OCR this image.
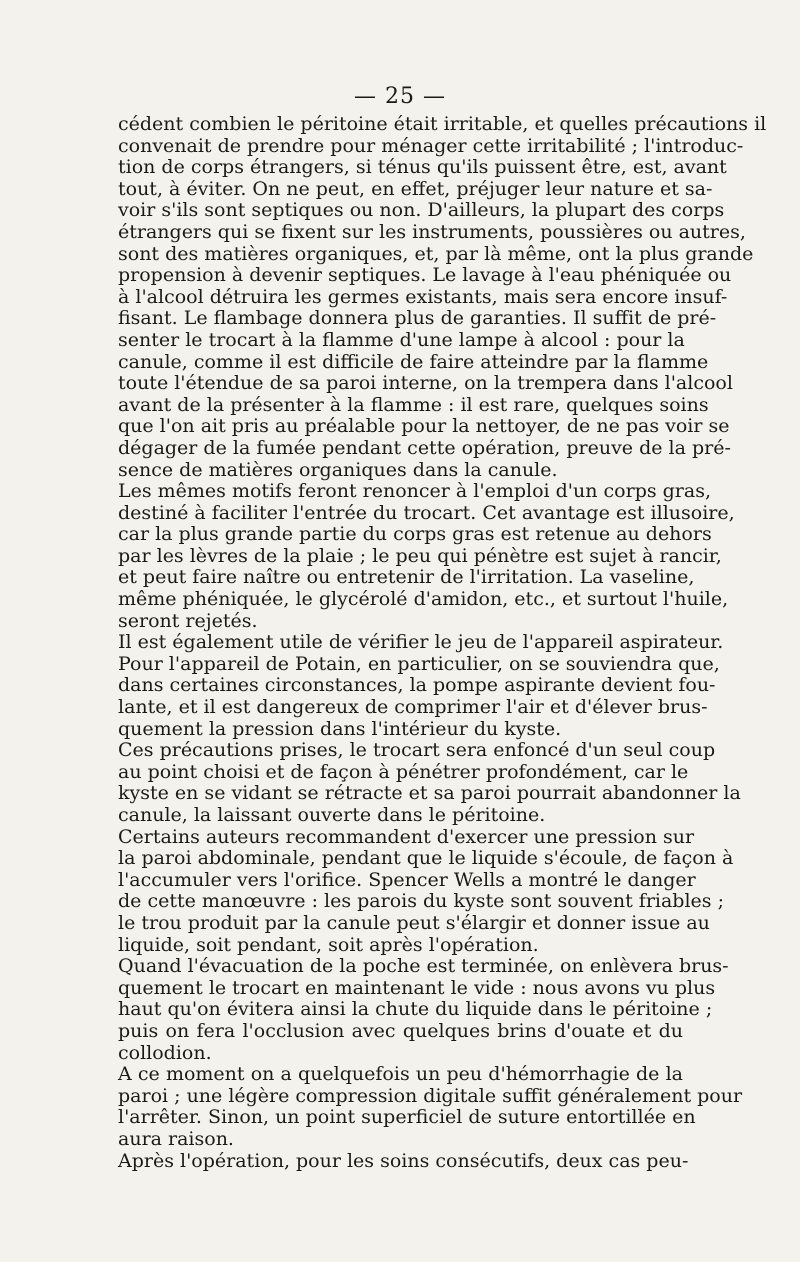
— 25 —
cédent combien le péritoine était irritable, et quelles précautions il
convenait de prendre pour ménager cette irritabilité ; l'introduc-
tion de corps étrangers, si ténus qu'ils puissent être, est, avant
tout, à éviter. On ne peut, en effet, préjuger leur nature et sa-
voir s'ils sont septiques ou non. D'ailleurs, la plupart des corps
étrangers qui se fixent sur les instruments, poussières ou autres,
sont des matières organiques, et, par là même, ont la plus grande
propension à devenir septiques. Le lavage à l'eau phéniquée ou
à l'alcool détruira les germes existants, mais sera encore insuf-
fisant. Le flambage donnera plus de garanties. Il suffit de pré-
senter le trocart à la flamme d'une lampe à alcool : pour la
canule, comme il est difficile de faire atteindre par la flamme
toute l'étendue de sa paroi interne, on la trempera dans l'alcool
avant de la présenter à la flamme : il est rare, quelques soins
que l'on ait pris au préalable pour la nettoyer, de ne pas voir se
dégager de la fumée pendant cette opération, preuve de la pré-
sence de matières organiques dans la canule.
Les mêmes motifs feront renoncer à l'emploi d'un corps gras,
destiné à faciliter l'entrée du trocart. Cet avantage est illusoire,
car la plus grande partie du corps gras est retenue au dehors
par les lèvres de la plaie ; le peu qui pénètre est sujet à rancir,
et peut faire naître ou entretenir de l'irritation. La vaseline,
même phéniquée, le glycérolé d'amidon, etc., et surtout l'huile,
seront rejetés.
Il est également utile de vérifier le jeu de l'appareil aspirateur.
Pour l'appareil de Potain, en particulier, on se souviendra que,
dans certaines circonstances, la pompe aspirante devient fou-
lante, et il est dangereux de comprimer l'air et d'élever brus-
quement la pression dans l'intérieur du kyste.
Ces précautions prises, le trocart sera enfoncé d'un seul coup
au point choisi et de façon à pénétrer profondément, car le
kyste en se vidant se rétracte et sa paroi pourrait abandonner la
canule, la laissant ouverte dans le péritoine.
Certains auteurs recommandent d'exercer une pression sur
la paroi abdominale, pendant que le liquide s'écoule, de façon à
l'accumuler vers l'orifice. Spencer Wells a montré le danger
de cette manœuvre : les parois du kyste sont souvent friables ;
le trou produit par la canule peut s'élargir et donner issue au
liquide, soit pendant, soit après l'opération.
Quand l'évacuation de la poche est terminée, on enlèvera brus-
quement le trocart en maintenant le vide : nous avons vu plus
haut qu'on évitera ainsi la chute du liquide dans le péritoine ;
puis on fera l'occlusion avec quelques brins d'ouate et du
collodion.
A ce moment on a quelquefois un peu d'hémorrhagie de la
paroi ; une légère compression digitale suffit généralement pour
l'arrêter. Sinon, un point superficiel de suture entortillée en
aura raison.
Après l'opération, pour les soins consécutifs, deux cas peu-
